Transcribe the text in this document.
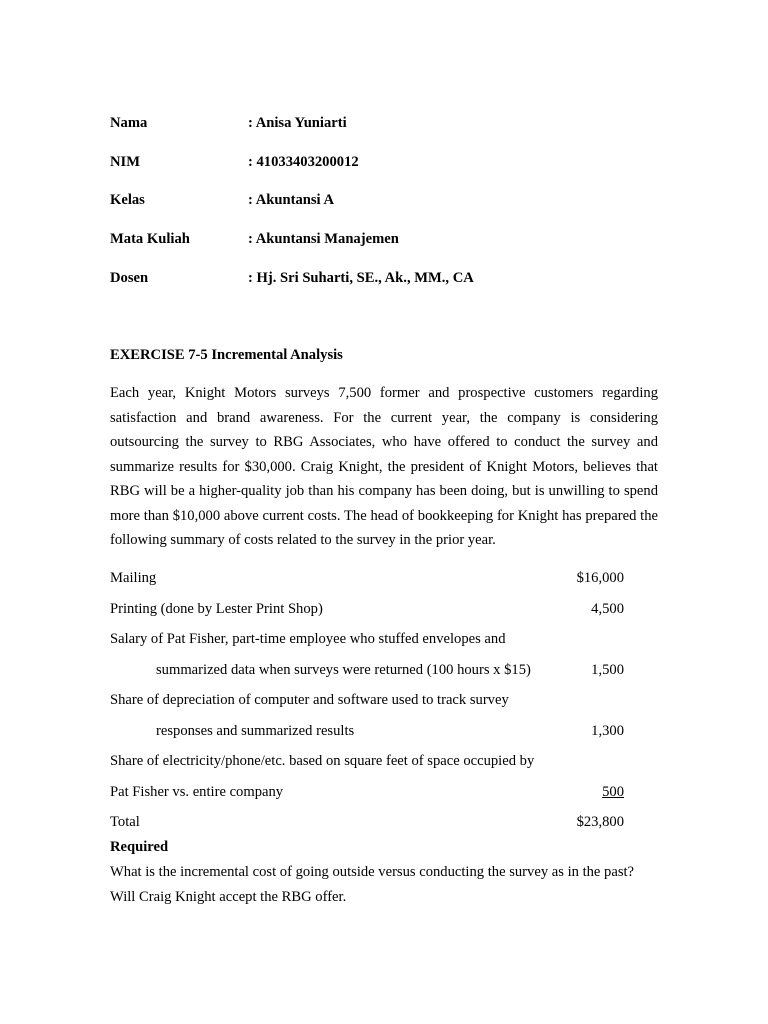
Nama	: Anisa Yuniarti
NIM	: 41033403200012
Kelas	: Akuntansi A
Mata Kuliah	: Akuntansi Manajemen
Dosen	: Hj. Sri Suharti, SE., Ak., MM., CA
EXERCISE 7-5 Incremental Analysis

Each year, Knight Motors surveys 7,500 former and prospective customers regarding satisfaction and brand awareness. For the current year, the company is considering outsourcing the survey to RBG Associates, who have offered to conduct the survey and summarize results for $30,000. Craig Knight, the president of Knight Motors, believes that RBG will be a higher-quality job than his company has been doing, but is unwilling to spend more than $10,000 above current costs. The head of bookkeeping for Knight has prepared the following summary of costs related to the survey in the prior year.

Mailing	$16,000
Printing (done by Lester Print Shop)	4,500
Salary of Pat Fisher, part-time employee who stuffed envelopes and
summarized data when surveys were returned (100 hours x $15)	1,500
Share of depreciation of computer and software used to track survey
responses and summarized results	1,300
Share of electricity/phone/etc. based on square feet of space occupied by
Pat Fisher vs. entire company	500
Total	$23,800
Required
What is the incremental cost of going outside versus conducting the survey as in the past?
Will Craig Knight accept the RBG offer.
